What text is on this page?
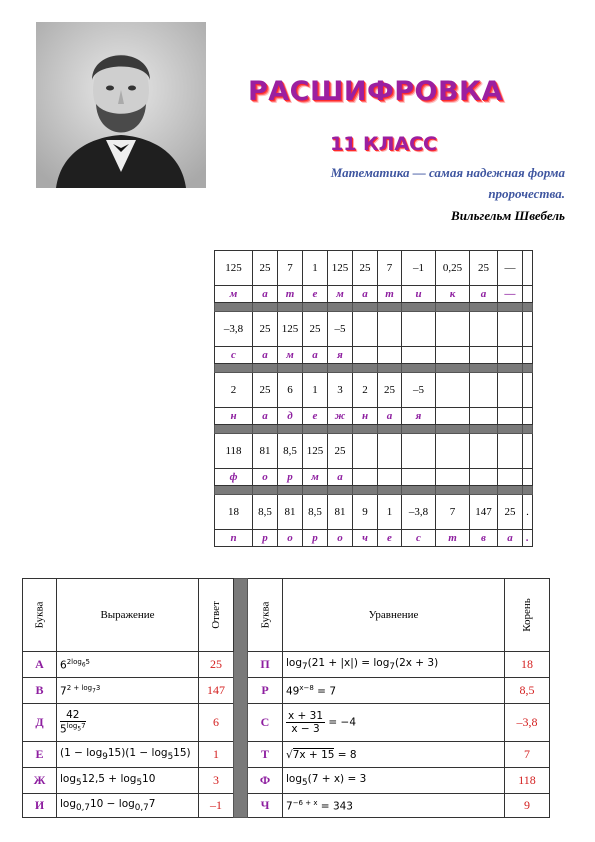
РАСШИФРОВКА
11 КЛАСС
Математика — самая надежная форма
пророчества.
Вильгельм Швебель
125	25	7	1	125	25	7	–1	0,25	25	—	
м	а	т	е	м	а	т	и	к	а	—	

–3,8	25	125	25	–5							
с	а	м	а	я							

2	25	6	1	3	2	25	–5				
н	а	д	е	ж	н	а	я				

118	81	8,5	125	25							
ф	о	р	м	а							

18	8,5	81	8,5	81	9	1	–3,8	7	147	25	.
п	р	о	р	о	ч	е	с	т	в	а	.
Буква	Выражение	Ответ		Буква	Уравнение	Корень
А	$6^{2log_65}$	25		П	$\log_7(21 + |x|) = \log_7(2x + 3)$	18
В	$7^{2 + log_73}$	147		Р	$49^{x-8} = 7$	8,5
Д	$\frac{42}{5^{log_57}}$	6		С	$\frac{x + 31}{x - 3} = -4$	–3,8
Е	$(1 - \log_915)(1 - \log_515)$	1		Т	√7x + 15 = 8	7
Ж	$\log_512,5 + \log_510$	3		Ф	$\log_5(7 + x) = 3$	118
И	$\log_{0,7}10 - \log_{0,7}7$	–1		Ч	$7^{-6 + x} = 343$	9
